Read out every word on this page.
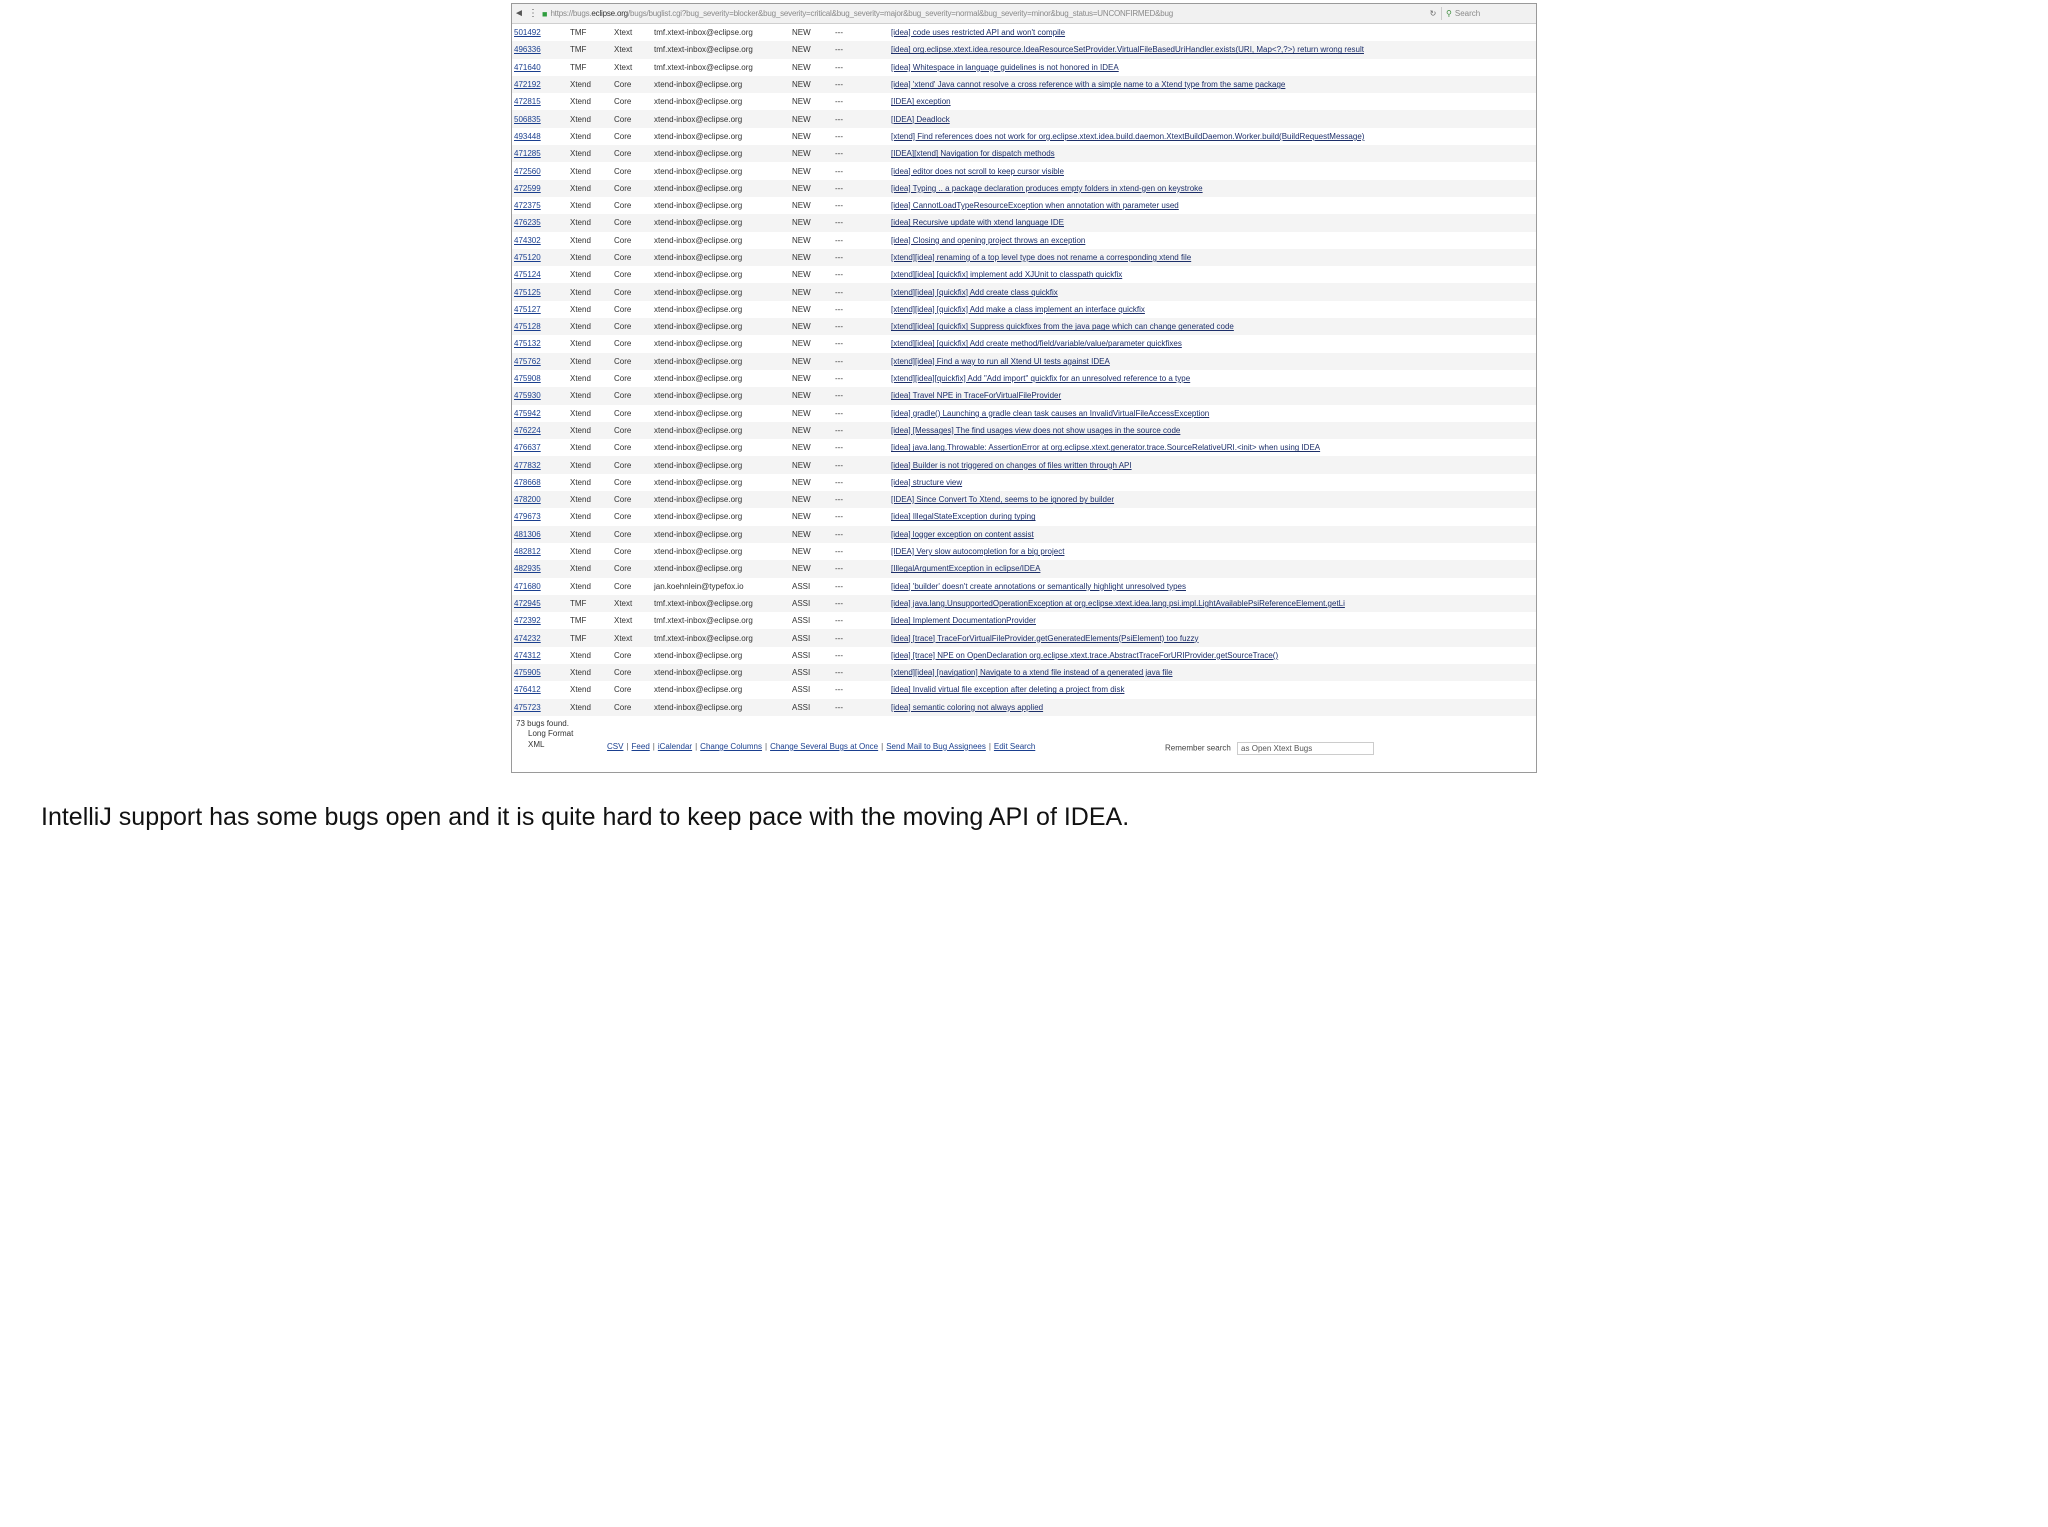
◄ ⋮ ■ https://bugs.eclipse.org/bugs/buglist.cgi?bug_severity=blocker&bug_severity=critical&bug_severity=major&bug_severity=normal&bug_severity=minor&bug_status=UNCONFIRMED&bug	↻	⚲ Search
501492	TMF	Xtext	tmf.xtext-inbox@eclipse.org	NEW	---	[idea] code uses restricted API and won't compile
496336	TMF	Xtext	tmf.xtext-inbox@eclipse.org	NEW	---	[idea] org.eclipse.xtext.idea.resource.IdeaResourceSetProvider.VirtualFileBasedUriHandler.exists(URI, Map<?,?>) return wrong result
471640	TMF	Xtext	tmf.xtext-inbox@eclipse.org	NEW	---	[idea] Whitespace in language guidelines is not honored in IDEA
472192	Xtend	Core	xtend-inbox@eclipse.org	NEW	---	[idea] 'xtend' Java cannot resolve a cross reference with a simple name to a Xtend type from the same package
472815	Xtend	Core	xtend-inbox@eclipse.org	NEW	---	[IDEA] exception
506835	Xtend	Core	xtend-inbox@eclipse.org	NEW	---	[IDEA] Deadlock
493448	Xtend	Core	xtend-inbox@eclipse.org	NEW	---	[xtend] Find references does not work for org.eclipse.xtext.idea.build.daemon.XtextBuildDaemon.Worker.build(BuildRequestMessage)
471285	Xtend	Core	xtend-inbox@eclipse.org	NEW	---	[IDEA][xtend] Navigation for dispatch methods
472560	Xtend	Core	xtend-inbox@eclipse.org	NEW	---	[idea] editor does not scroll to keep cursor visible
472599	Xtend	Core	xtend-inbox@eclipse.org	NEW	---	[idea] Typing .. a package declaration produces empty folders in xtend-gen on keystroke
472375	Xtend	Core	xtend-inbox@eclipse.org	NEW	---	[idea] CannotLoadTypeResourceException when annotation with parameter used
476235	Xtend	Core	xtend-inbox@eclipse.org	NEW	---	[idea] Recursive update with xtend language IDE
474302	Xtend	Core	xtend-inbox@eclipse.org	NEW	---	[idea] Closing and opening project throws an exception
475120	Xtend	Core	xtend-inbox@eclipse.org	NEW	---	[xtend][idea] renaming of a top level type does not rename a corresponding xtend file
475124	Xtend	Core	xtend-inbox@eclipse.org	NEW	---	[xtend][idea] [quickfix] implement add XJUnit to classpath quickfix
475125	Xtend	Core	xtend-inbox@eclipse.org	NEW	---	[xtend][idea] [quickfix] Add create class quickfix
475127	Xtend	Core	xtend-inbox@eclipse.org	NEW	---	[xtend][idea] [quickfix] Add make a class implement an interface quickfix
475128	Xtend	Core	xtend-inbox@eclipse.org	NEW	---	[xtend][idea] [quickfix] Suppress quickfixes from the java page which can change generated code
475132	Xtend	Core	xtend-inbox@eclipse.org	NEW	---	[xtend][idea] [quickfix] Add create method/field/variable/value/parameter quickfixes
475762	Xtend	Core	xtend-inbox@eclipse.org	NEW	---	[xtend][idea] Find a way to run all Xtend UI tests against IDEA
475908	Xtend	Core	xtend-inbox@eclipse.org	NEW	---	[xtend][idea][quickfix] Add "Add import" quickfix for an unresolved reference to a type
475930	Xtend	Core	xtend-inbox@eclipse.org	NEW	---	[idea] Travel NPE in TraceForVirtualFileProvider
475942	Xtend	Core	xtend-inbox@eclipse.org	NEW	---	[idea] gradle() Launching a gradle clean task causes an InvalidVirtualFileAccessException
476224	Xtend	Core	xtend-inbox@eclipse.org	NEW	---	[idea] [Messages] The find usages view does not show usages in the source code
476637	Xtend	Core	xtend-inbox@eclipse.org	NEW	---	[idea] java.lang.Throwable: AssertionError at org.eclipse.xtext.generator.trace.SourceRelativeURI.<init> when using IDEA
477832	Xtend	Core	xtend-inbox@eclipse.org	NEW	---	[idea] Builder is not triggered on changes of files written through API
478668	Xtend	Core	xtend-inbox@eclipse.org	NEW	---	[idea] structure view
478200	Xtend	Core	xtend-inbox@eclipse.org	NEW	---	[IDEA] Since Convert To Xtend, seems to be ignored by builder
479673	Xtend	Core	xtend-inbox@eclipse.org	NEW	---	[idea] IllegalStateException during typing
481306	Xtend	Core	xtend-inbox@eclipse.org	NEW	---	[idea] logger exception on content assist
482812	Xtend	Core	xtend-inbox@eclipse.org	NEW	---	[IDEA] Very slow autocompletion for a big project
482935	Xtend	Core	xtend-inbox@eclipse.org	NEW	---	[IllegalArgumentException in eclipse/IDEA
471680	Xtend	Core	jan.koehnlein@typefox.io	ASSI	---	[idea] 'builder' doesn't create annotations or semantically highlight unresolved types
472945	TMF	Xtext	tmf.xtext-inbox@eclipse.org	ASSI	---	[idea] java.lang.UnsupportedOperationException at org.eclipse.xtext.idea.lang.psi.impl.LightAvailablePsiReferenceElement.getLi
472392	TMF	Xtext	tmf.xtext-inbox@eclipse.org	ASSI	---	[idea] Implement DocumentationProvider
474232	TMF	Xtext	tmf.xtext-inbox@eclipse.org	ASSI	---	[idea] [trace] TraceForVirtualFileProvider.getGeneratedElements(PsiElement) too fuzzy
474312	Xtend	Core	xtend-inbox@eclipse.org	ASSI	---	[idea] [trace] NPE on OpenDeclaration org.eclipse.xtext.trace.AbstractTraceForURIProvider.getSourceTrace()
475905	Xtend	Core	xtend-inbox@eclipse.org	ASSI	---	[xtend][idea] [navigation] Navigate to a xtend file instead of a generated java file
476412	Xtend	Core	xtend-inbox@eclipse.org	ASSI	---	[idea] Invalid virtual file exception after deleting a project from disk
475723	Xtend	Core	xtend-inbox@eclipse.org	ASSI	---	[idea] semantic coloring not always applied
73 bugs found.
Long Format
XML	CSV | Feed | iCalendar | Change Columns | Change Several Bugs at Once | Send Mail to Bug Assignees | Edit Search	Remember search as Open Xtext Bugs
IntelliJ support has some bugs open and it is quite hard to keep pace with the moving API of IDEA.
